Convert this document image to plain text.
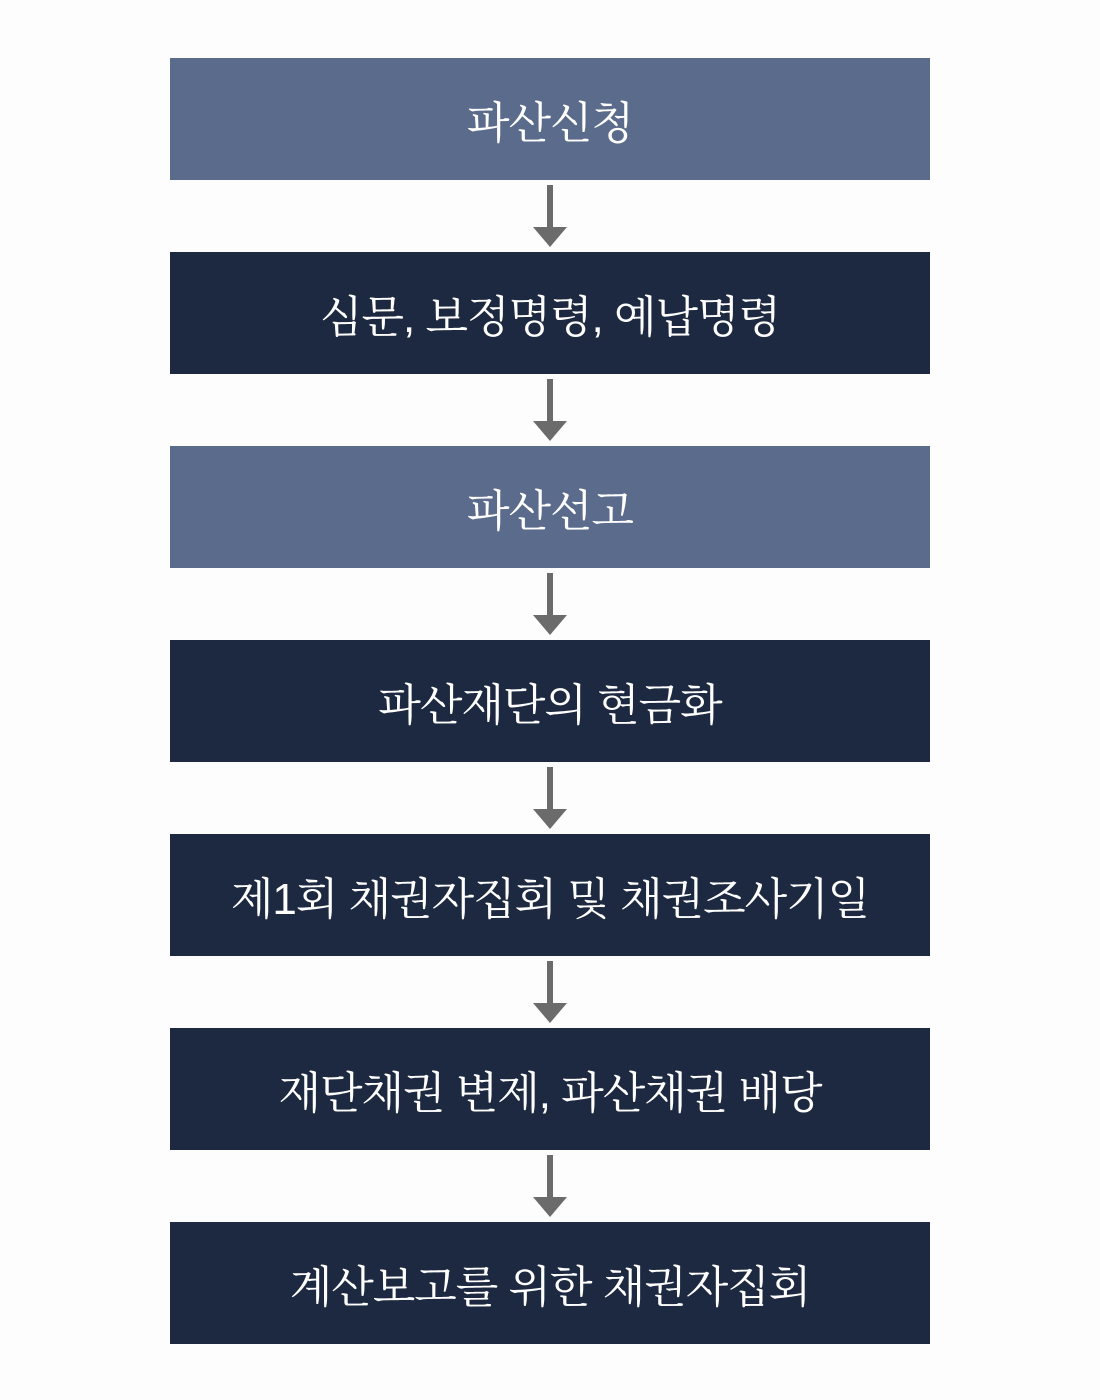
파산신청
심문, 보정명령, 예납명령
파산선고
파산재단의 현금화
제1회 채권자집회 및 채권조사기일
재단채권 변제, 파산채권 배당
계산보고를 위한 채권자집회
